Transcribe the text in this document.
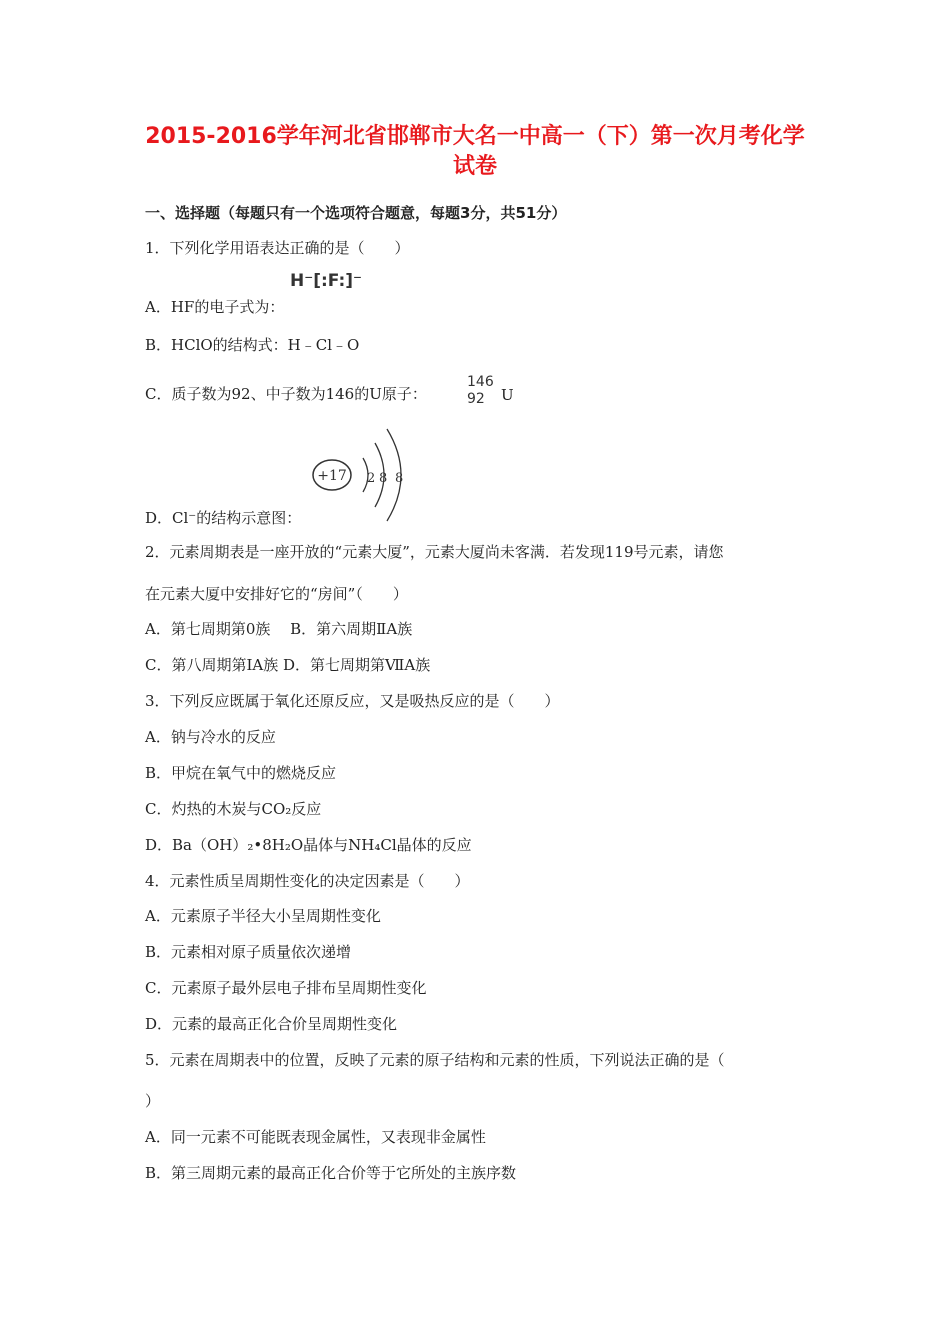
2015-2016学年河北省邯郸市大名一中高一（下）第一次月考化学
试卷
一、选择题（每题只有一个选项符合题意，每题3分，共51分）
1．下列化学用语表达正确的是（　　）
H⁻[:F:]⁻
A．HF的电子式为：
B．HClO的结构式：H﹣Cl﹣O
C．质子数为92、中子数为146的U原子：
146
92	U
+17 2 8 8
D．Cl⁻的结构示意图：
2．元素周期表是一座开放的“元素大厦”，元素大厦尚未客满．若发现119号元素，请您
在元素大厦中安排好它的“房间”（　　）
A．第七周期第0族　 B．第六周期ⅡA族
C．第八周期第ⅠA族 D．第七周期第ⅦA族
3．下列反应既属于氧化还原反应，又是吸热反应的是（　　）
A．钠与冷水的反应
B．甲烷在氧气中的燃烧反应
C．灼热的木炭与CO₂反应
D．Ba（OH）₂•8H₂O晶体与NH₄Cl晶体的反应
4．元素性质呈周期性变化的决定因素是（　　）
A．元素原子半径大小呈周期性变化
B．元素相对原子质量依次递增
C．元素原子最外层电子排布呈周期性变化
D．元素的最高正化合价呈周期性变化
5．元素在周期表中的位置，反映了元素的原子结构和元素的性质，下列说法正确的是（
）
A．同一元素不可能既表现金属性，又表现非金属性
B．第三周期元素的最高正化合价等于它所处的主族序数
